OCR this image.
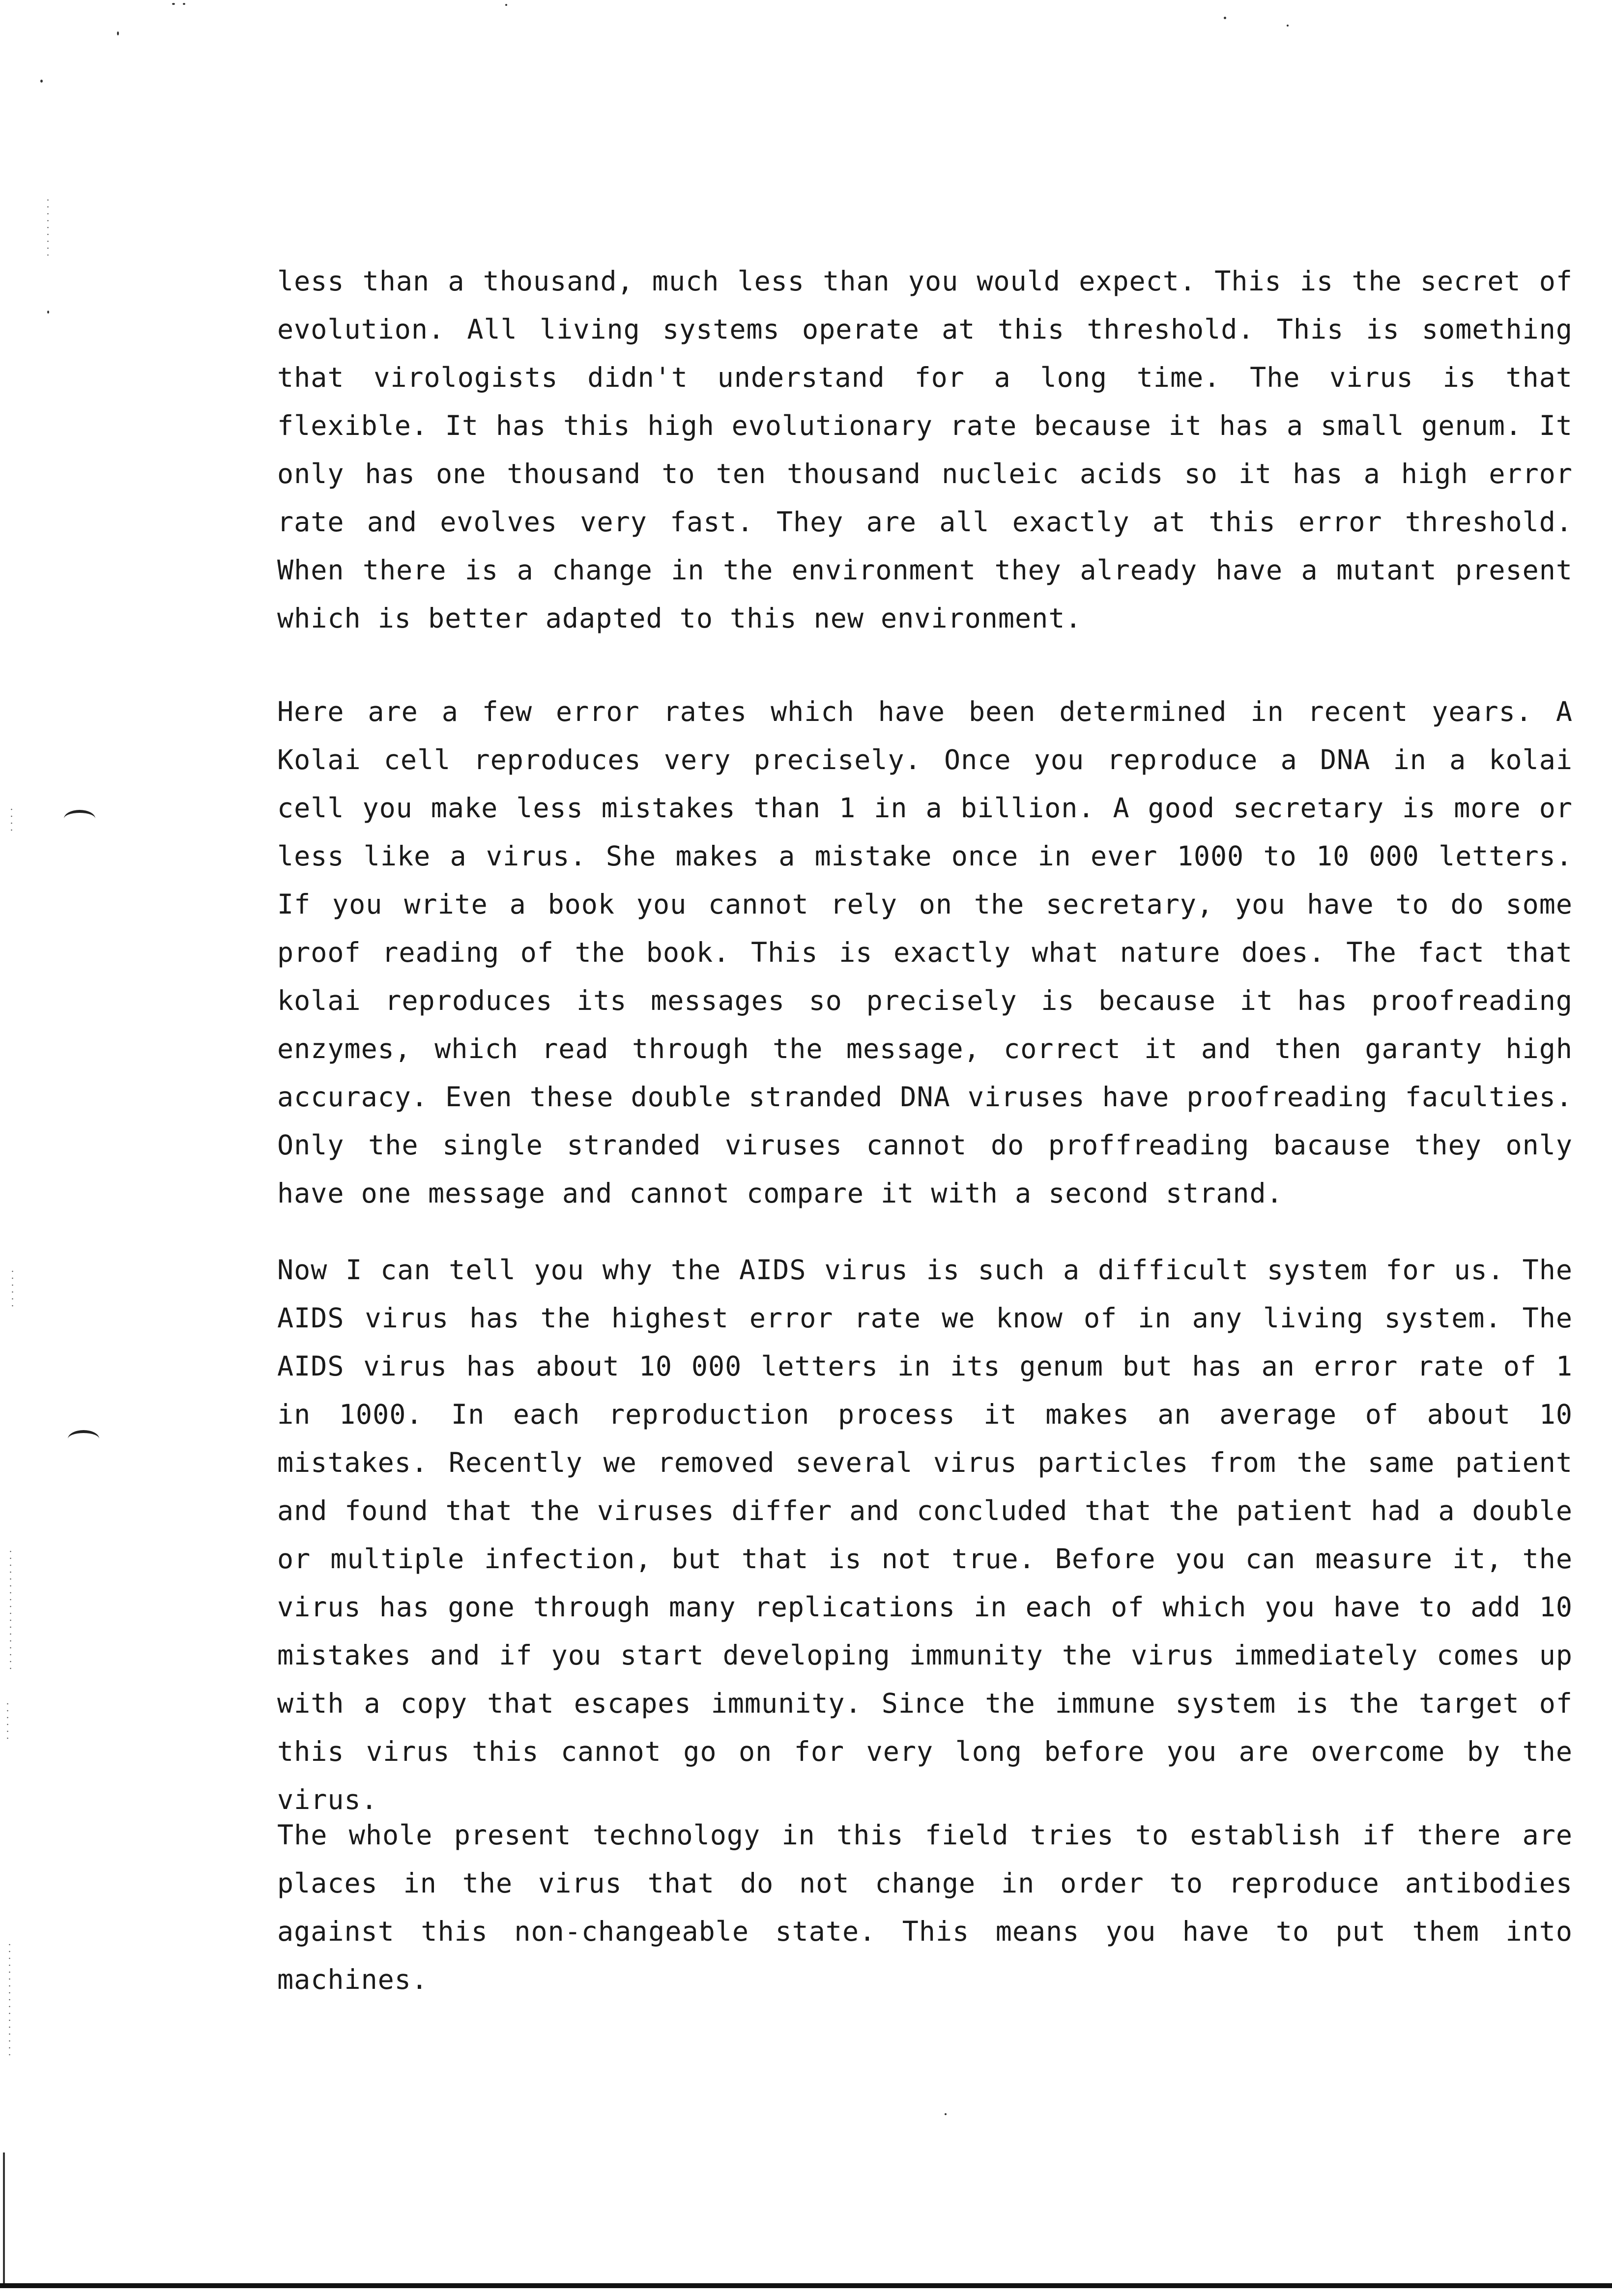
less than a thousand, much less than you would expect. This is the secret of evolution. All living systems operate at this threshold. This is something that virologists didn't understand for a long time. The virus is that flexible. It has this high evolutionary rate because it has a small genum. It only has one thousand to ten thousand nucleic acids so it has a high error rate and evolves very fast. They are all exactly at this error threshold. When there is a change in the environment they already have a mutant present which is better adapted to this new environment.

Here are a few error rates which have been determined in recent years. A Kolai cell reproduces very precisely. Once you reproduce a DNA in a kolai cell you make less mistakes than 1 in a billion. A good secretary is more or less like a virus. She makes a mistake once in ever 1000 to 10 000 letters. If you write a book you cannot rely on the secretary, you have to do some proof reading of the book. This is exactly what nature does. The fact that kolai reproduces its messages so precisely is because it has proofreading enzymes, which read through the message, correct it and then garanty high accuracy. Even these double stranded DNA viruses have proofreading faculties. Only the single stranded viruses cannot do proffreading bacause they only have one message and cannot compare it with a second strand.

Now I can tell you why the AIDS virus is such a difficult system for us. The AIDS virus has the highest error rate we know of in any living system. The AIDS virus has about 10 000 letters in its genum but has an error rate of 1 in 1000. In each reproduction process it makes an average of about 10 mistakes. Recently we removed several virus particles from the same patient and found that the viruses differ and concluded that the patient had a double or multiple infection, but that is not true. Before you can measure it, the virus has gone through many replications in each of which you have to add 10 mistakes and if you start developing immunity the virus immediately comes up with a copy that escapes immunity. Since the immune system is the target of this virus this cannot go on for very long before you are overcome by the virus.

The whole present technology in this field tries to establish if there are places in the virus that do not change in order to reproduce antibodies against this non-changeable state. This means you have to put them into machines.
